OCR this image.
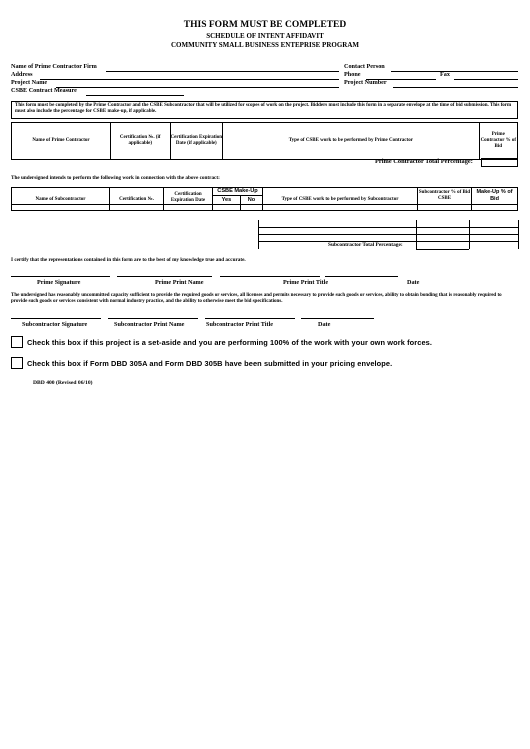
THIS FORM MUST BE COMPLETED
SCHEDULE OF INTENT AFFIDAVIT
COMMUNITY SMALL BUSINESS ENTEPRISE PROGRAM
Name of Prime Contractor Firm	Contact Person
Address	Phone	Fax
Project Name	Project Number
CSBE Contract Measure
This form must be completed by the Prime Contractor and the CSBE Subcontractor that will be utilized for scopes of work on the project. Bidders must include this form in a separate envelope at the time of bid submission. This form must also include the percentage for CSBE make-up, if applicable.
Name of Prime Contractor	Certification №. (if applicable)	Certification Expiration Date (if applicable)	Type of CSBE work to be performed by Prime Contractor	Prime Contractor % of Bid
Prime Contractor Total Percentage:
The undersigned intends to perform the following work in connection with the above contract:
Name of Subcontractor	Certification №.	Certification Expiration Date	CSBE Make-Up		Type of CSBE work to be performed by Subcontractor	Subcontractor % of Bid CSBE	Make-Up % of Bid
			Yes	No			

Subcontractor Total Percentage:
I certify that the representations contained in this form are to the best of my knowledge true and accurate.
Prime Signature	Prime Print Name	Prime Print Title	Date
The undersigned has reasonably uncommitted capacity sufficient to provide the required goods or services, all licenses and permits necessary to provide such goods or services, ability to obtain bonding that is reasonably required to provide such goods or services consistent with normal industry practice, and the ability to otherwise meet the bid specifications.
Subcontractor Signature	Subcontractor Print Name	Subcontractor Print Title	Date
Check this box if this project is a set-aside and you are performing 100% of the work with your own work forces.
Check this box if Form DBD 305A and Form DBD 305B have been submitted in your pricing envelope.
DBD 400 (Revised 06/10)
